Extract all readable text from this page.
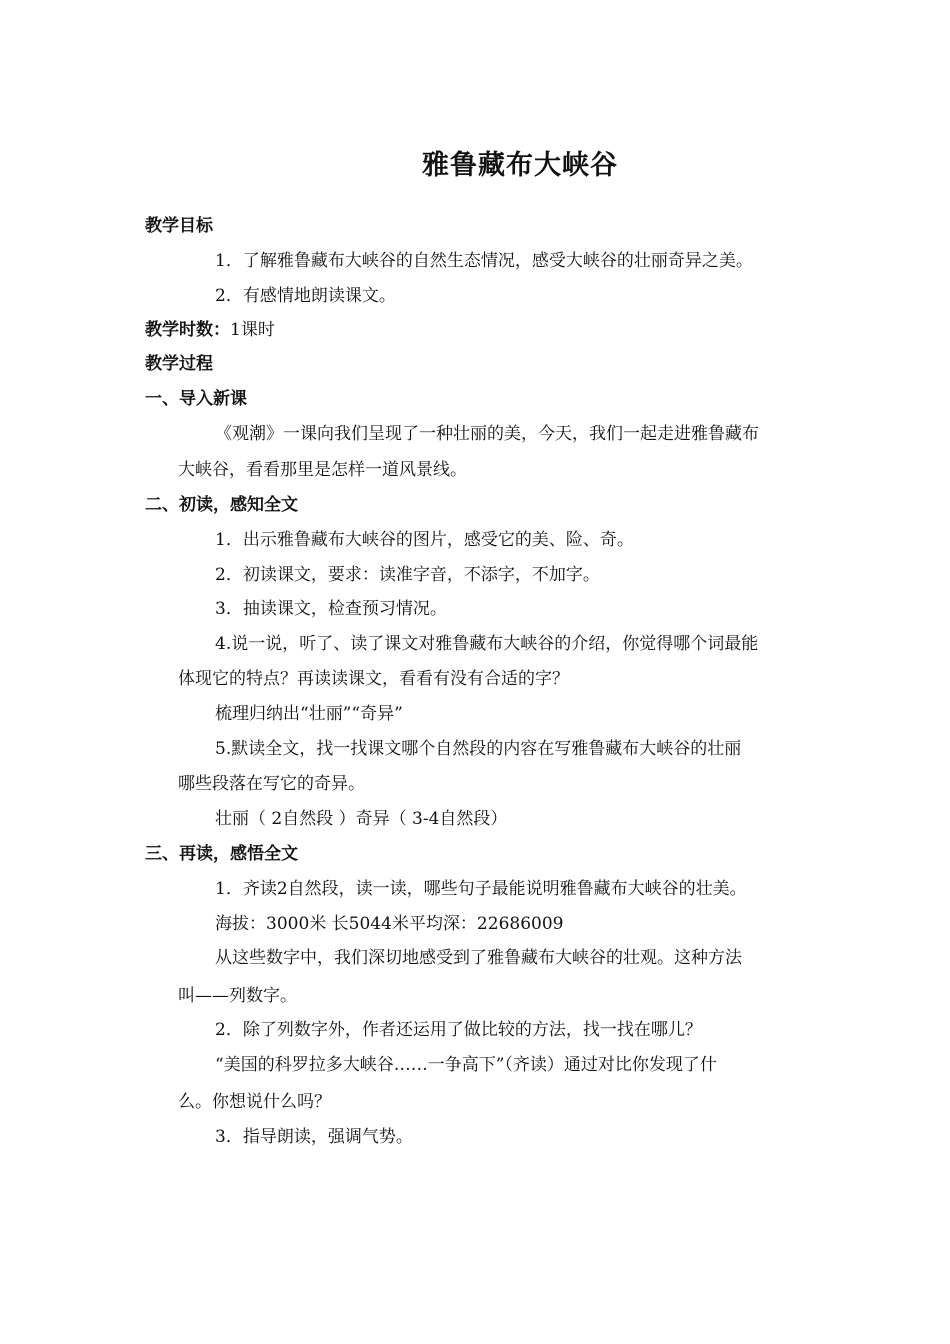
雅鲁藏布大峡谷
教学目标
1．了解雅鲁藏布大峡谷的自然生态情况，感受大峡谷的壮丽奇异之美。
2．有感情地朗读课文。
教学时数：1课时
教学过程
一、导入新课
《观潮》一课向我们呈现了一种壮丽的美，今天，我们一起走进雅鲁藏布
大峡谷，看看那里是怎样一道风景线。
二、初读，感知全文
1．出示雅鲁藏布大峡谷的图片，感受它的美、险、奇。
2．初读课文，要求：读准字音，不添字，不加字。
3．抽读课文，检查预习情况。
4.说一说，听了、读了课文对雅鲁藏布大峡谷的介绍，你觉得哪个词最能
体现它的特点？再读读课文，看看有没有合适的字？
梳理归纳出“壮丽”“奇异”
5.默读全文，找一找课文哪个自然段的内容在写雅鲁藏布大峡谷的壮丽
哪些段落在写它的奇异。
壮丽（ 2自然段 ）奇异（ 3-4自然段）
三、再读，感悟全文
1．齐读2自然段，读一读，哪些句子最能说明雅鲁藏布大峡谷的壮美。
海拔：3000米 长5044米平均深：22686009
从这些数字中，我们深切地感受到了雅鲁藏布大峡谷的壮观。这种方法
叫——列数字。
2．除了列数字外，作者还运用了做比较的方法，找一找在哪儿？
“美国的科罗拉多大峡谷……一争高下”（齐读）通过对比你发现了什
么。你想说什么吗？
3．指导朗读，强调气势。
